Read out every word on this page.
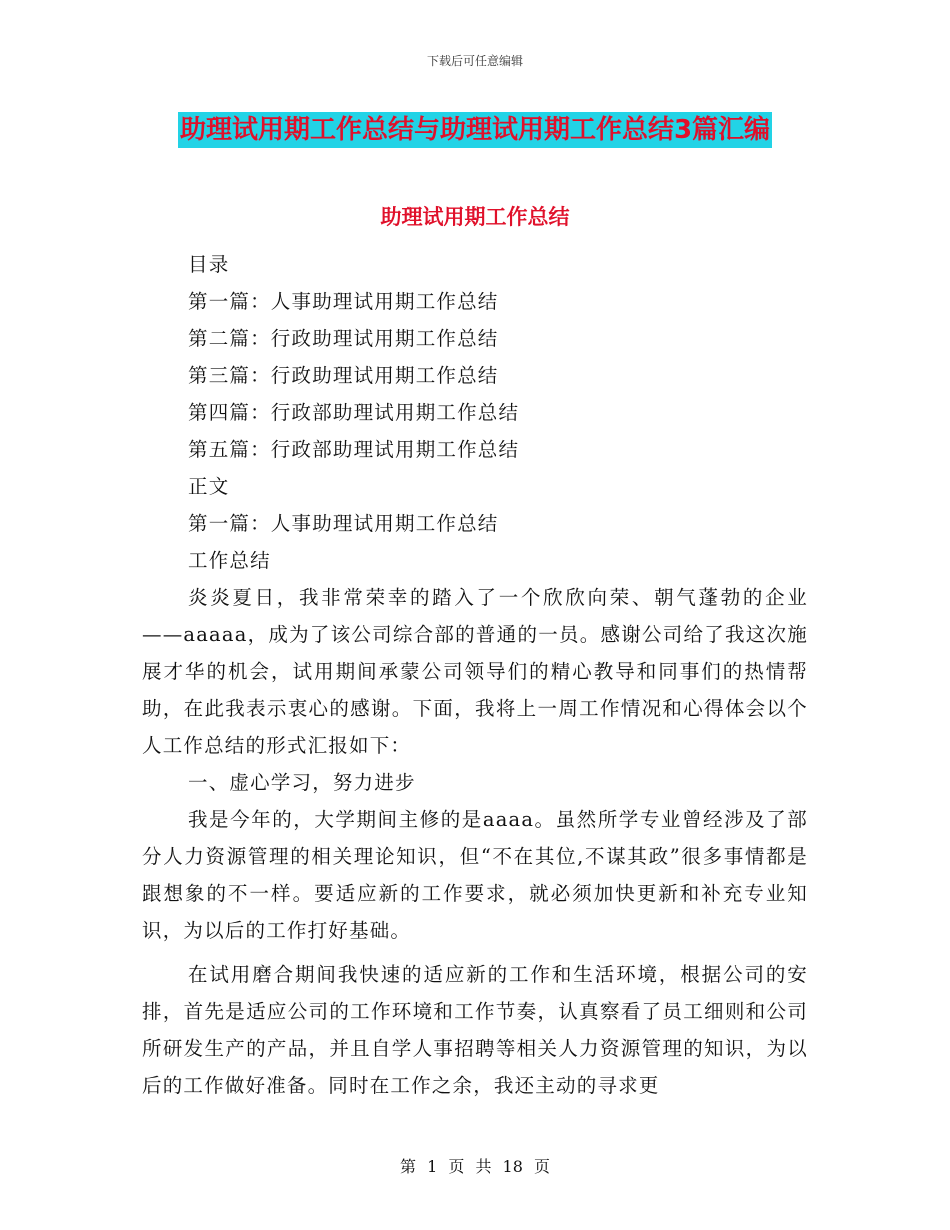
下载后可任意编辑
助理试用期工作总结与助理试用期工作总结3篇汇编
助理试用期工作总结

目录

第一篇：人事助理试用期工作总结

第二篇：行政助理试用期工作总结

第三篇：行政助理试用期工作总结

第四篇：行政部助理试用期工作总结

第五篇：行政部助理试用期工作总结

正文

第一篇：人事助理试用期工作总结

工作总结

炎炎夏日，我非常荣幸的踏入了一个欣欣向荣、朝气蓬勃的企业——aaaaa，成为了该公司综合部的普通的一员。感谢公司给了我这次施展才华的机会，试用期间承蒙公司领导们的精心教导和同事们的热情帮助，在此我表示衷心的感谢。下面，我将上一周工作情况和心得体会以个人工作总结的形式汇报如下：

一、虚心学习，努力进步

我是今年的，大学期间主修的是aaaa。虽然所学专业曾经涉及了部分人力资源管理的相关理论知识，但“不在其位,不谋其政”很多事情都是跟想象的不一样。要适应新的工作要求，就必须加快更新和补充专业知识，为以后的工作打好基础。

在试用磨合期间我快速的适应新的工作和生活环境，根据公司的安排，首先是适应公司的工作环境和工作节奏，认真察看了员工细则和公司所研发生产的产品，并且自学人事招聘等相关人力资源管理的知识，为以后的工作做好准备。同时在工作之余，我还主动的寻求更

第 1 页 共 18 页
